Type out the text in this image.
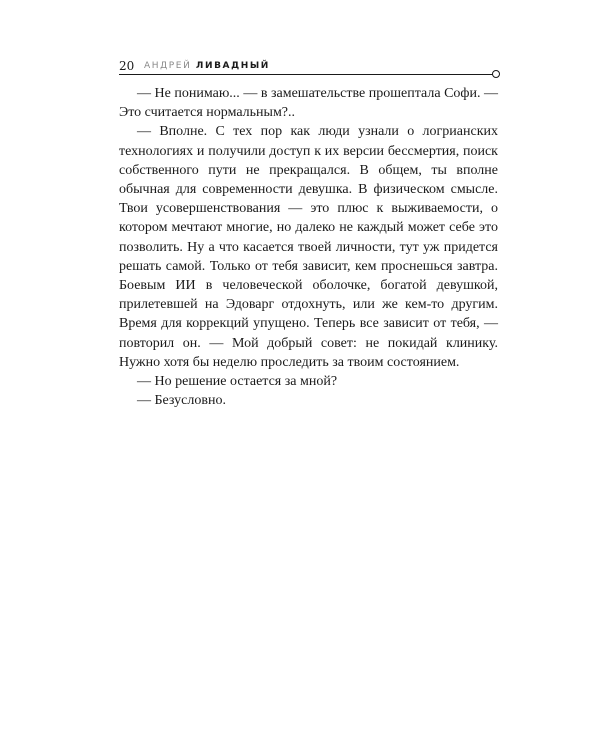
20 АНДРЕЙ ЛИВАДНЫЙ

— Не понимаю... — в замешательстве прошептала Софи. — Это считается нормальным?..

— Вполне. С тех пор как люди узнали о логрианских технологиях и получили доступ к их версии бессмертия, поиск собственного пути не прекращался. В общем, ты вполне обычная для современности девушка. В физическом смысле. Твои усовершенствования — это плюс к выживаемости, о котором мечтают многие, но далеко не каждый может себе это позволить. Ну а что касается твоей личности, тут уж придется решать самой. Только от тебя зависит, кем проснешься завтра. Боевым ИИ в человеческой оболочке, богатой девушкой, прилетевшей на Эдоварг отдохнуть, или же кем-то другим. Время для коррекций упущено. Теперь все зависит от тебя, — повторил он. — Мой добрый совет: не покидай клинику. Нужно хотя бы неделю проследить за твоим состоянием.

— Но решение остается за мной?

— Безусловно.
